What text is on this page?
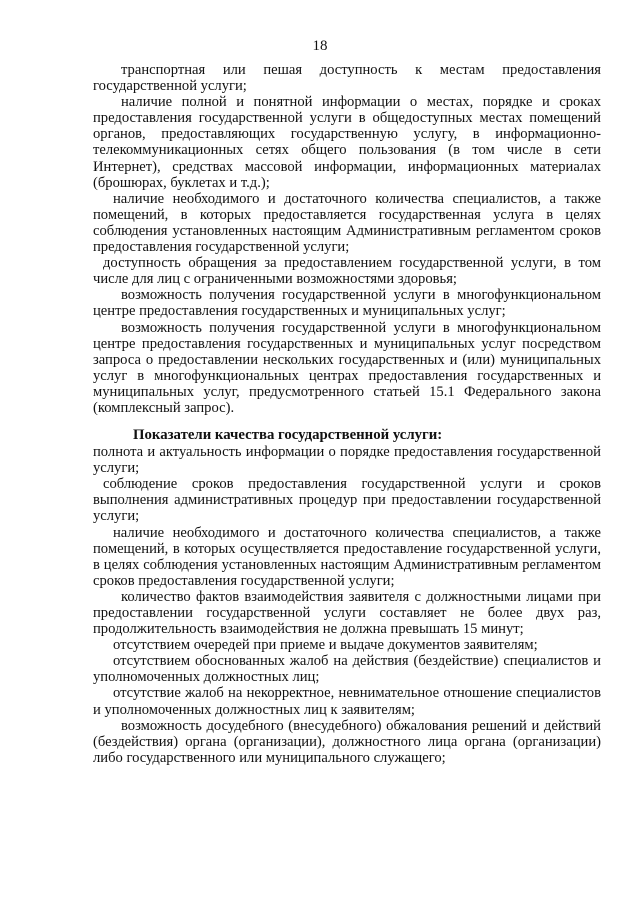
18

транспортная или пешая доступность к местам предоставления государственной услуги;

наличие полной и понятной информации о местах, порядке и сроках предоставления государственной услуги в общедоступных местах помещений органов, предоставляющих государственную услугу, в информационно-телекоммуникационных сетях общего пользования (в том числе в сети Интернет), средствах массовой информации, информационных материалах (брошюрах, буклетах и т.д.);

наличие необходимого и достаточного количества специалистов, а также помещений, в которых предоставляется государственная услуга в целях соблюдения установленных настоящим Административным регламентом сроков предоставления государственной услуги;

доступность обращения за предоставлением государственной услуги, в том числе для лиц с ограниченными возможностями здоровья;

возможность получения государственной услуги в многофункциональном центре предоставления государственных и муниципальных услуг;

возможность получения государственной услуги в многофункциональном центре предоставления государственных и муниципальных услуг посредством запроса о предоставлении нескольких государственных и (или) муниципальных услуг в многофункциональных центрах предоставления государственных и муниципальных услуг, предусмотренного статьей 15.1 Федерального закона (комплексный запрос).

Показатели качества государственной услуги:

полнота и актуальность информации о порядке предоставления государственной услуги;

соблюдение сроков предоставления государственной услуги и сроков выполнения административных процедур при предоставлении государственной услуги;

наличие необходимого и достаточного количества специалистов, а также помещений, в которых осуществляется предоставление государственной услуги, в целях соблюдения установленных настоящим Административным регламентом сроков предоставления государственной услуги;

количество фактов взаимодействия заявителя с должностными лицами при предоставлении государственной услуги составляет не более двух раз, продолжительность взаимодействия не должна превышать 15 минут;

отсутствием очередей при приеме и выдаче документов заявителям;

отсутствием обоснованных жалоб на действия (бездействие) специалистов и уполномоченных должностных лиц;

отсутствие жалоб на некорректное, невнимательное отношение специалистов и уполномоченных должностных лиц к заявителям;

возможность досудебного (внесудебного) обжалования решений и действий (бездействия) органа (организации), должностного лица органа (организации) либо государственного или муниципального служащего;
